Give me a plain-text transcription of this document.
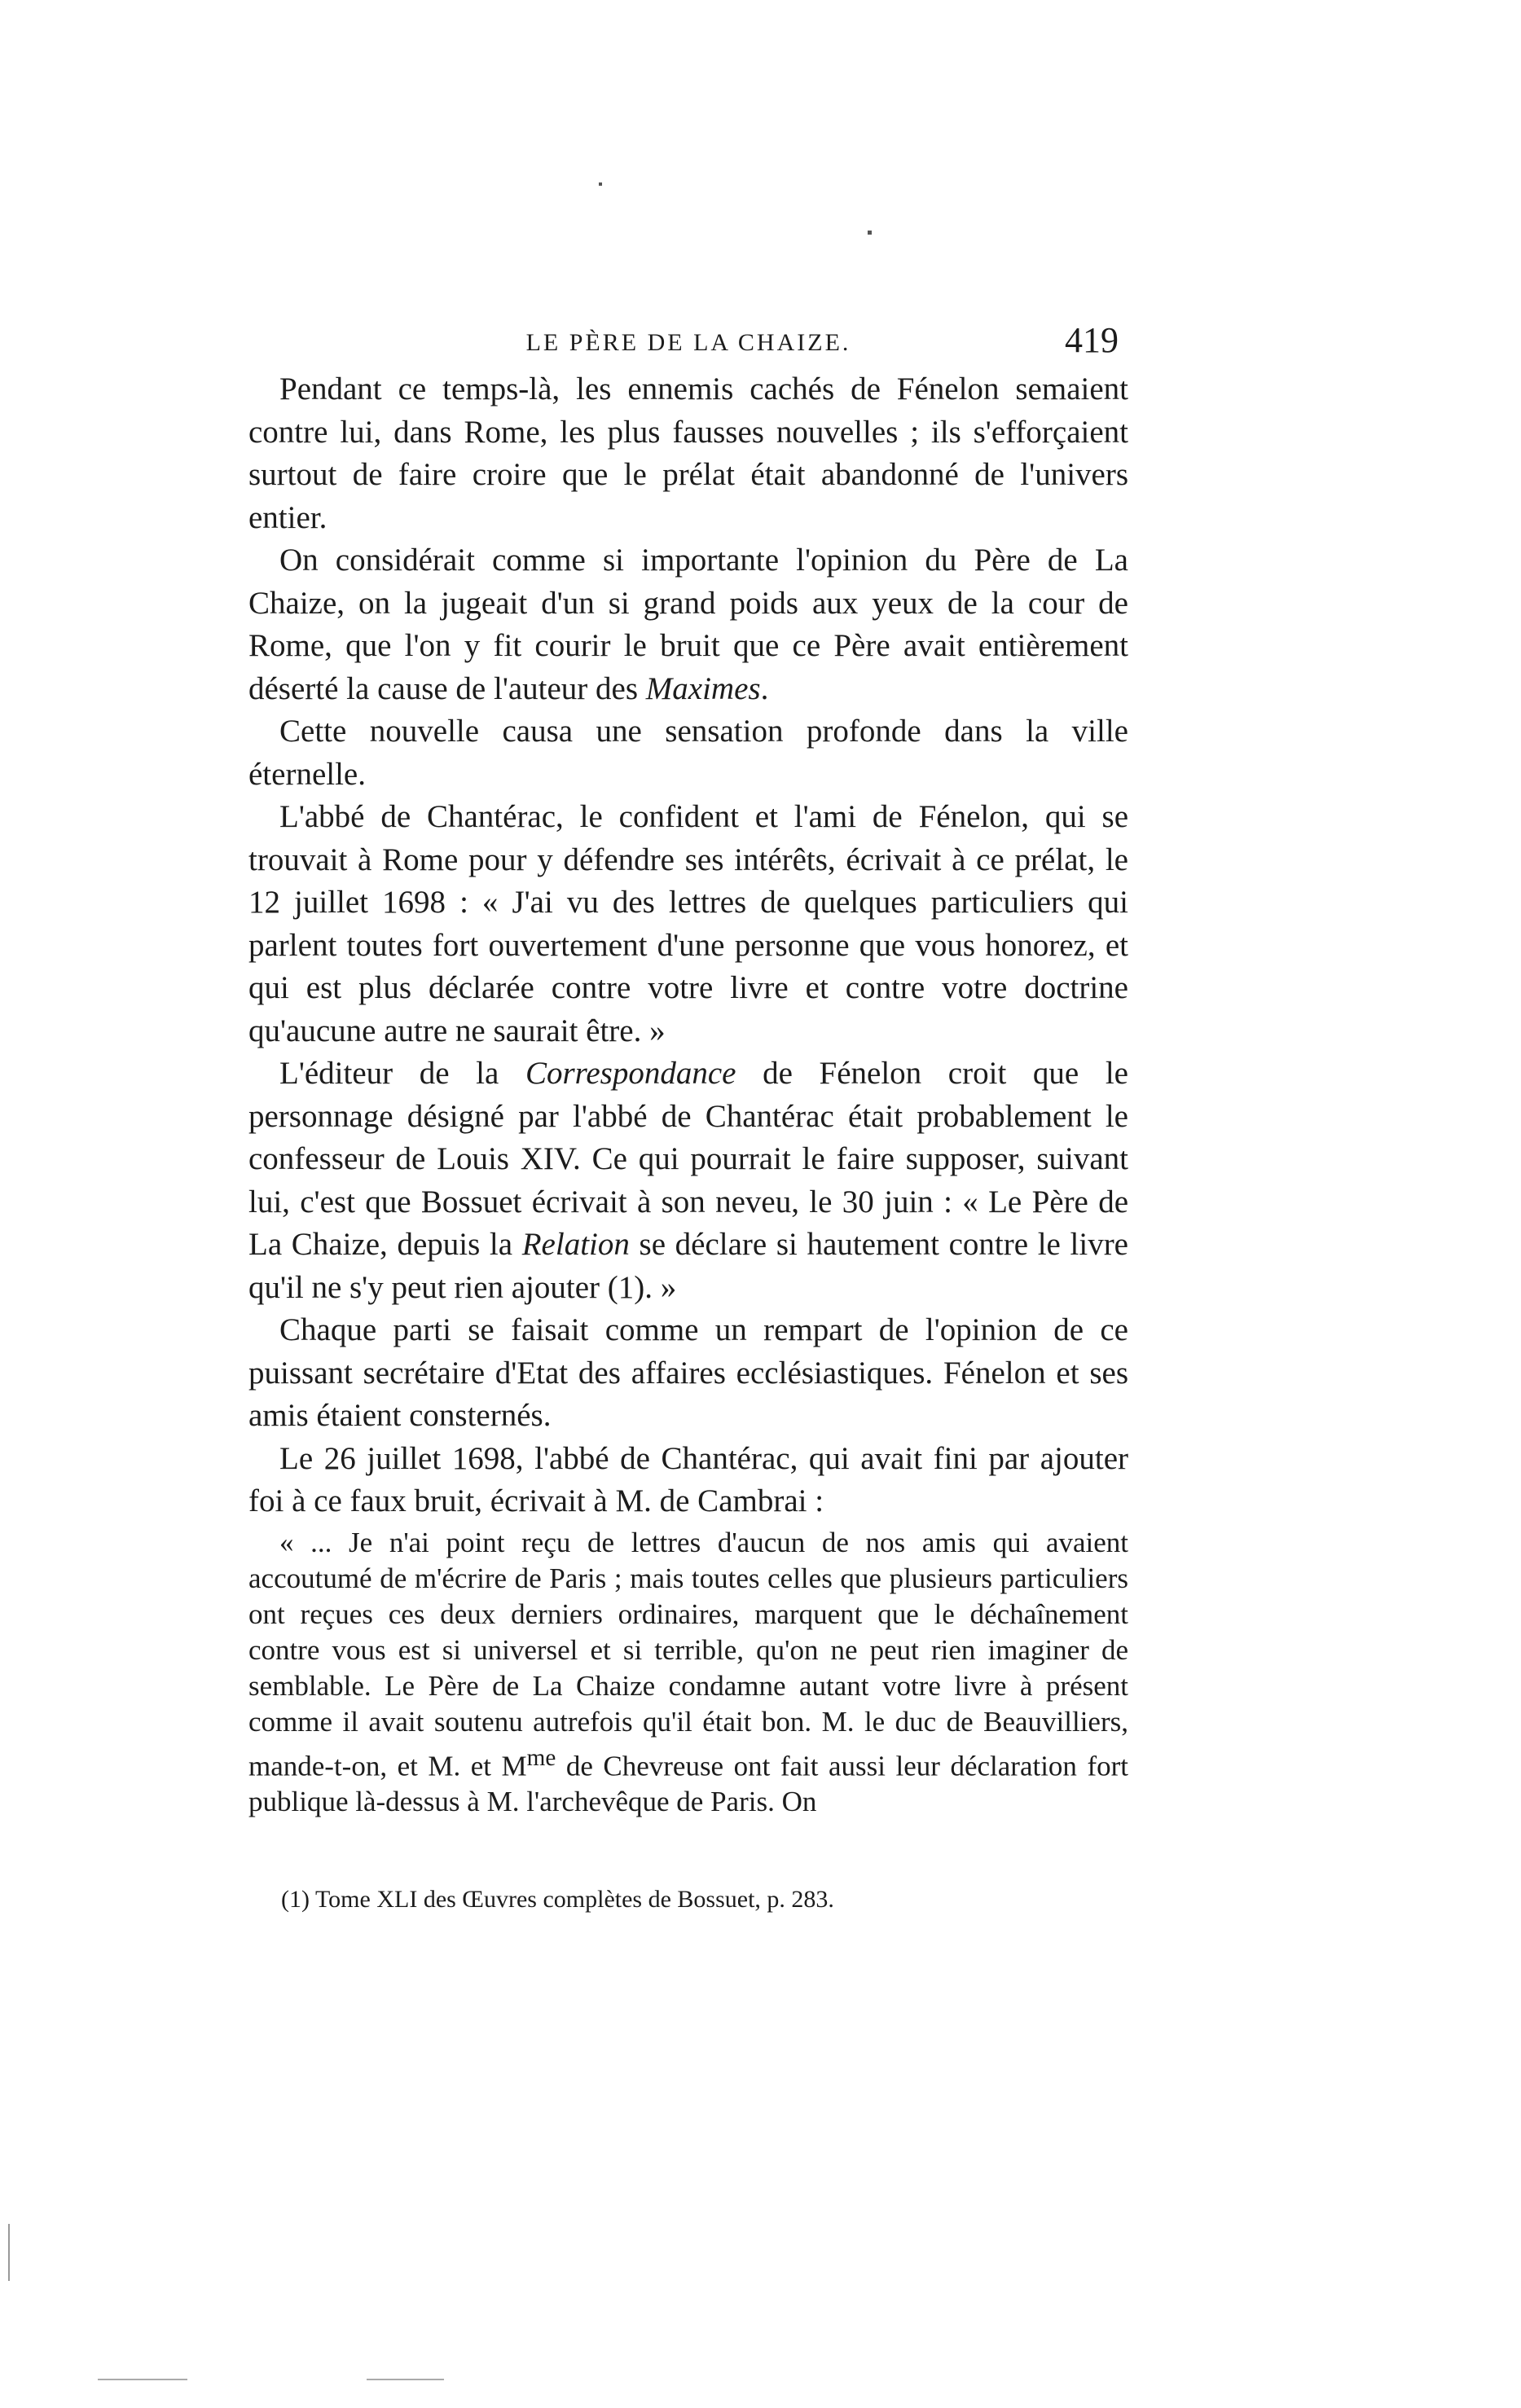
LE PÈRE DE LA CHAIZE.	419

Pendant ce temps-là, les ennemis cachés de Fénelon semaient contre lui, dans Rome, les plus fausses nouvelles ; ils s'efforçaient surtout de faire croire que le prélat était abandonné de l'univers entier.

On considérait comme si importante l'opinion du Père de La Chaize, on la jugeait d'un si grand poids aux yeux de la cour de Rome, que l'on y fit courir le bruit que ce Père avait entièrement déserté la cause de l'auteur des Maximes.

Cette nouvelle causa une sensation profonde dans la ville éternelle.

L'abbé de Chantérac, le confident et l'ami de Fénelon, qui se trouvait à Rome pour y défendre ses intérêts, écrivait à ce prélat, le 12 juillet 1698 : « J'ai vu des lettres de quelques particuliers qui parlent toutes fort ouvertement d'une personne que vous honorez, et qui est plus déclarée contre votre livre et contre votre doctrine qu'aucune autre ne saurait être. »

L'éditeur de la Correspondance de Fénelon croit que le personnage désigné par l'abbé de Chantérac était probablement le confesseur de Louis XIV. Ce qui pourrait le faire supposer, suivant lui, c'est que Bossuet écrivait à son neveu, le 30 juin : « Le Père de La Chaize, depuis la Relation se déclare si hautement contre le livre qu'il ne s'y peut rien ajouter (1). »

Chaque parti se faisait comme un rempart de l'opinion de ce puissant secrétaire d'Etat des affaires ecclésiastiques. Fénelon et ses amis étaient consternés.

Le 26 juillet 1698, l'abbé de Chantérac, qui avait fini par ajouter foi à ce faux bruit, écrivait à M. de Cambrai :

« ... Je n'ai point reçu de lettres d'aucun de nos amis qui avaient accoutumé de m'écrire de Paris ; mais toutes celles que plusieurs particuliers ont reçues ces deux derniers ordinaires, marquent que le déchaînement contre vous est si universel et si terrible, qu'on ne peut rien imaginer de semblable. Le Père de La Chaize condamne autant votre livre à présent comme il avait soutenu autrefois qu'il était bon. M. le duc de Beauvilliers, mande-t-on, et M. et $M^{me}$ de Chevreuse ont fait aussi leur déclaration fort publique là-dessus à M. l'archevêque de Paris. On

(1) Tome XLI des Œuvres complètes de Bossuet, p. 283.
